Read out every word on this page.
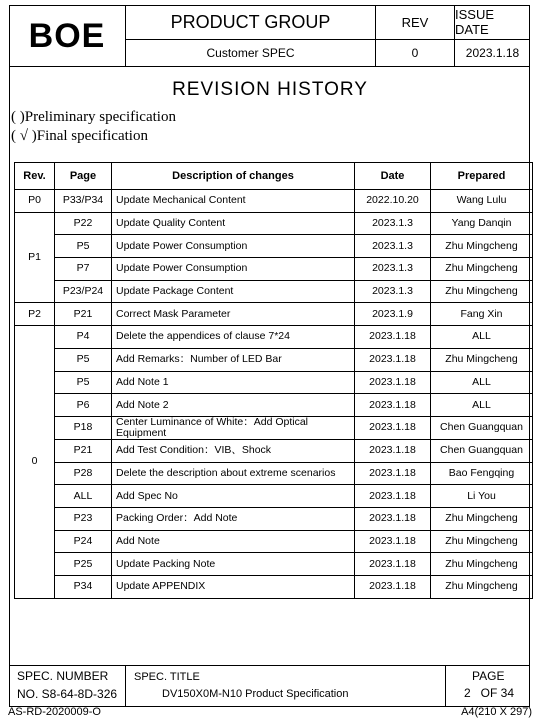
BOE	PRODUCT GROUP	REV	ISSUE DATE
Customer SPEC	0	2023.1.18
REVISION HISTORY
( )Preliminary specification
( √ )Final specification
Rev.	Page	Description of changes	Date	Prepared
P0	P33/P34	Update Mechanical Content	2022.10.20	Wang Lulu
P1	P22	Update Quality Content	2023.1.3	Yang Danqin
	P5	Update Power Consumption	2023.1.3	Zhu Mingcheng
	P7	Update Power Consumption	2023.1.3	Zhu Mingcheng
	P23/P24	Update Package Content	2023.1.3	Zhu Mingcheng
P2	P21	Correct Mask Parameter	2023.1.9	Fang Xin
0	P4	Delete the appendices of clause 7*24	2023.1.18	ALL
	P5	Add Remarks：Number of LED Bar	2023.1.18	Zhu Mingcheng
	P5	Add Note 1	2023.1.18	ALL
	P6	Add Note 2	2023.1.18	ALL
	P18	Center Luminance of White：Add Optical Equipment	2023.1.18	Chen Guangquan
	P21	Add Test Condition：VIB、Shock	2023.1.18	Chen Guangquan
	P28	Delete the description about extreme scenarios	2023.1.18	Bao Fengqing
	ALL	Add Spec No	2023.1.18	Li You
	P23	Packing Order：Add Note	2023.1.18	Zhu Mingcheng
	P24	Add Note	2023.1.18	Zhu Mingcheng
	P25	Update Packing Note	2023.1.18	Zhu Mingcheng
	P34	Update APPENDIX	2023.1.18	Zhu Mingcheng
SPEC. NUMBER
NO. S8-64-8D-326
SPEC. TITLE
DV150X0M-N10 Product Specification
PAGE
2   OF 34
AS-RD-2020009-O	A4(210 X 297)
